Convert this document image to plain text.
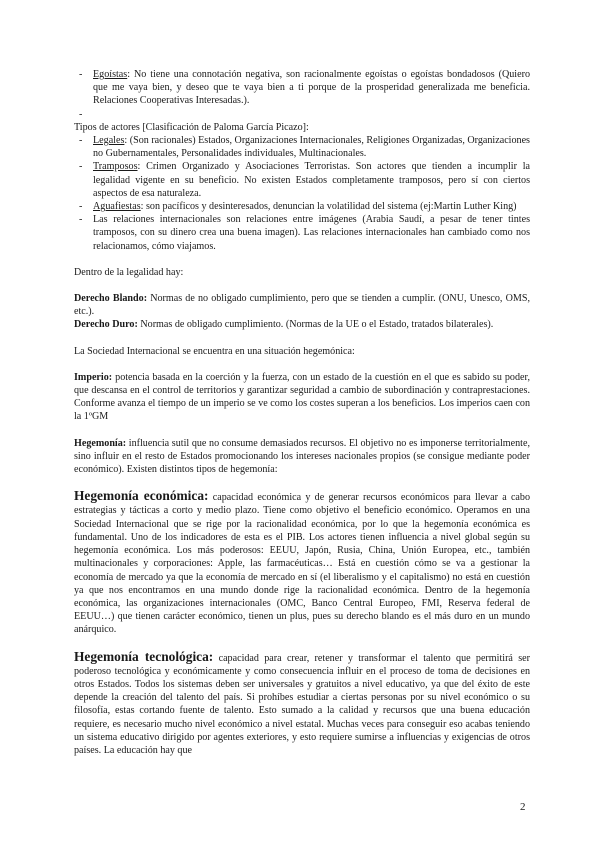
- Egoístas: No tiene una connotación negativa, son racionalmente egoístas o egoístas bondadosos (Quiero que me vaya bien, y deseo que te vaya bien a ti porque de la prosperidad generalizada me beneficia. Relaciones Cooperativas Interesadas.).
-

Tipos de actores [Clasificación de Paloma García Picazo]:

- Legales: (Son racionales) Estados, Organizaciones Internacionales, Religiones Organizadas, Organizaciones no Gubernamentales, Personalidades individuales, Multinacionales.
- Tramposos: Crimen Organizado y Asociaciones Terroristas. Son actores que tienden a incumplir la legalidad vigente en su beneficio. No existen Estados completamente tramposos, pero sí con ciertos aspectos de esa naturaleza.
- Aguafiestas: son pacíficos y desinteresados, denuncian la volatilidad del sistema (ej:Martin Luther King)
- Las relaciones internacionales son relaciones entre imágenes (Arabia Saudí, a pesar de tener tintes tramposos, con su dinero crea una buena imagen). Las relaciones internacionales han cambiado como nos relacionamos, cómo viajamos.

Dentro de la legalidad hay:

Derecho Blando: Normas de no obligado cumplimiento, pero que se tienden a cumplir. (ONU, Unesco, OMS, etc.).

Derecho Duro: Normas de obligado cumplimiento. (Normas de la UE o el Estado, tratados bilaterales).

La Sociedad Internacional se encuentra en una situación hegemónica:

Imperio: potencia basada en la coerción y la fuerza, con un estado de la cuestión en el que es sabido su poder, que descansa en el control de territorios y garantizar seguridad a cambio de subordinación y contraprestaciones. Conforme avanza el tiempo de un imperio se ve como los costes superan a los beneficios. Los imperios caen con la 1ºGM

Hegemonía: influencia sutil que no consume demasiados recursos. El objetivo no es imponerse territorialmente, sino influir en el resto de Estados promocionando los intereses nacionales propios (se consigue mediante poder económico). Existen distintos tipos de hegemonía:

Hegemonía económica: capacidad económica y de generar recursos económicos para llevar a cabo estrategias y tácticas a corto y medio plazo. Tiene como objetivo el beneficio económico. Operamos en una Sociedad Internacional que se rige por la racionalidad económica, por lo que la hegemonía económica es fundamental. Uno de los indicadores de esta es el PIB. Los actores tienen influencia a nivel global según su hegemonía económica. Los más poderosos: EEUU, Japón, Rusia, China, Unión Europea, etc., también multinacionales y corporaciones: Apple, las farmacéuticas… Está en cuestión cómo se va a gestionar la economía de mercado ya que la economía de mercado en sí (el liberalismo y el capitalismo) no está en cuestión ya que nos encontramos en una mundo donde rige la racionalidad económica. Dentro de la hegemonía económica, las organizaciones internacionales (OMC, Banco Central Europeo, FMI, Reserva federal de EEUU…) que tienen carácter económico, tienen un plus, pues su derecho blando es el más duro en un mundo anárquico.

Hegemonía tecnológica: capacidad para crear, retener y transformar el talento que permitirá ser poderoso tecnológica y económicamente y como consecuencia influir en el proceso de toma de decisiones en otros Estados. Todos los sistemas deben ser universales y gratuitos a nivel educativo, ya que del éxito de este depende la creación del talento del país. Si prohíbes estudiar a ciertas personas por su nivel económico o su filosofía, estas cortando fuente de talento. Esto sumado a la calidad y recursos que una buena educación requiere, es necesario mucho nivel económico a nivel estatal. Muchas veces para conseguir eso acabas teniendo un sistema educativo dirigido por agentes exteriores, y esto requiere sumirse a influencias y exigencias de otros países. La educación hay que

2
